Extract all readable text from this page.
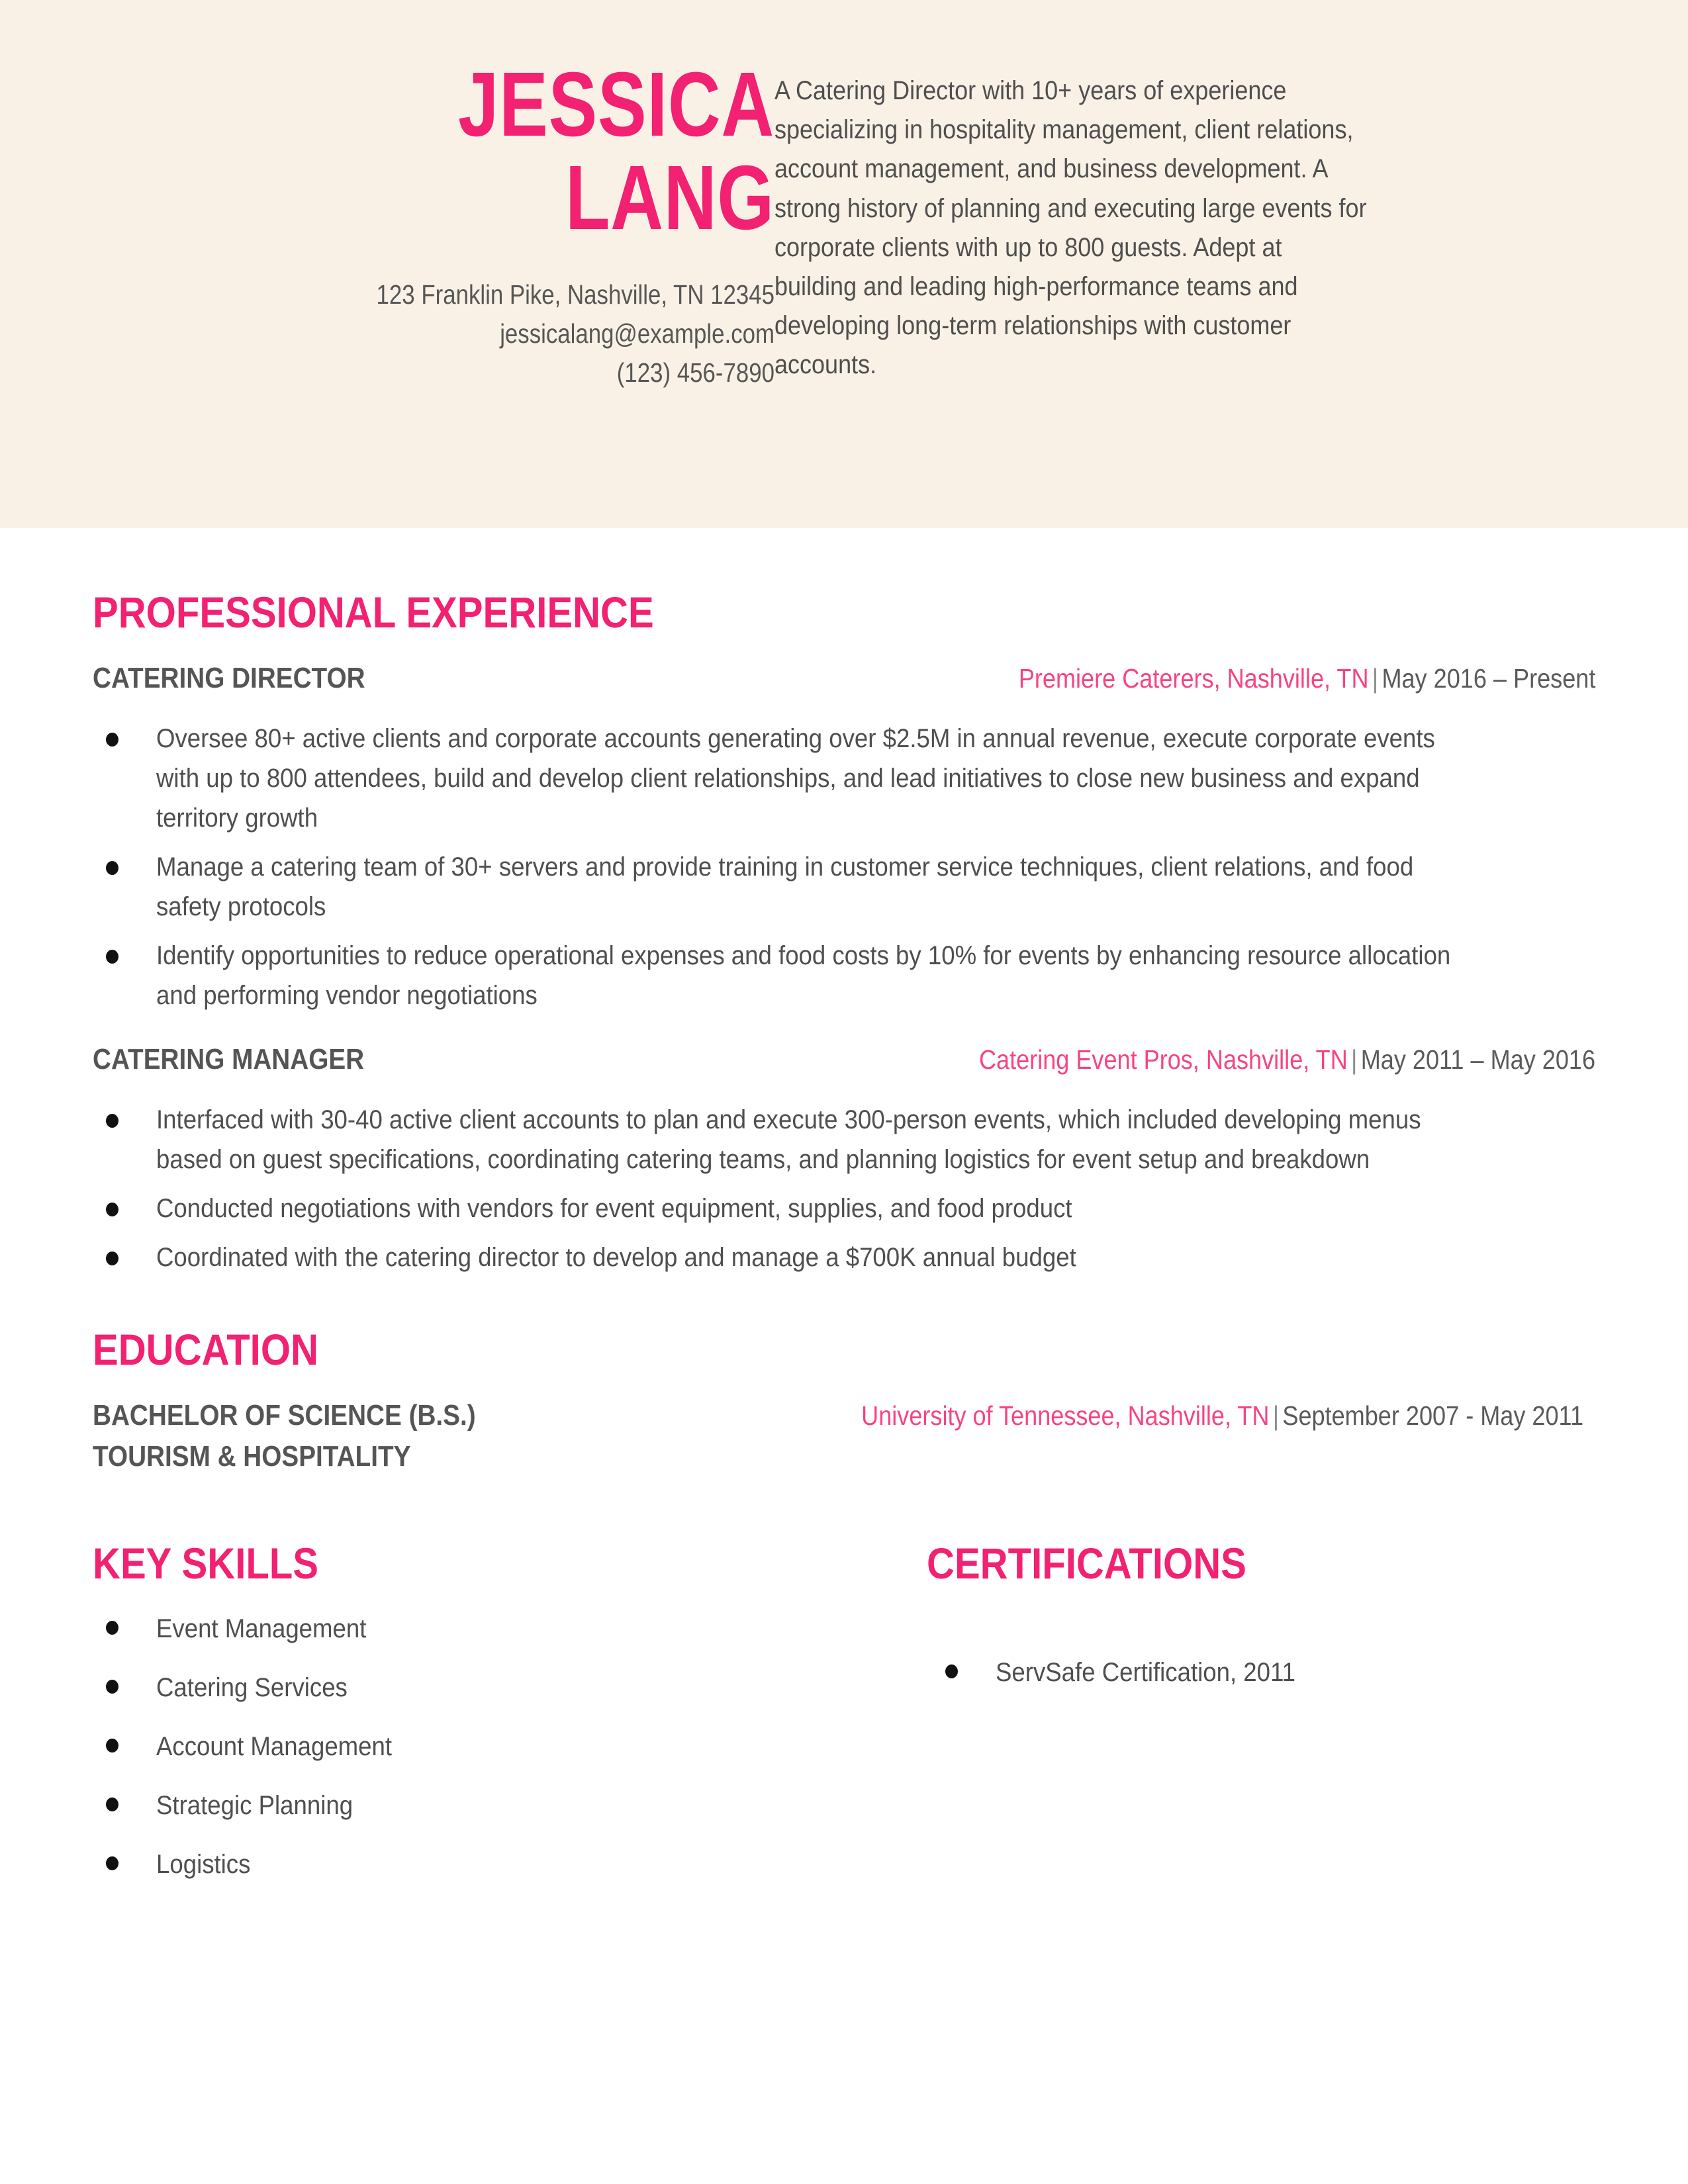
JESSICA
LANG
123 Franklin Pike, Nashville, TN 12345
jessicalang@example.com
(123) 456-7890
A Catering Director with 10+ years of experience specializing in hospitality management, client relations, account management, and business development. A strong history of planning and executing large events for corporate clients with up to 800 guests. Adept at building and leading high-performance teams and developing long-term relationships with customer accounts.
PROFESSIONAL EXPERIENCE
CATERING DIRECTOR	Premiere Caterers, Nashville, TN | May 2016 – Present
Oversee 80+ active clients and corporate accounts generating over $2.5M in annual revenue, execute corporate events with up to 800 attendees, build and develop client relationships, and lead initiatives to close new business and expand territory growth
Manage a catering team of 30+ servers and provide training in customer service techniques, client relations, and food safety protocols
Identify opportunities to reduce operational expenses and food costs by 10% for events by enhancing resource allocation and performing vendor negotiations
CATERING MANAGER	Catering Event Pros, Nashville, TN | May 2011 – May 2016
Interfaced with 30-40 active client accounts to plan and execute 300-person events, which included developing menus based on guest specifications, coordinating catering teams, and planning logistics for event setup and breakdown
Conducted negotiations with vendors for event equipment, supplies, and food product
Coordinated with the catering director to develop and manage a $700K annual budget
EDUCATION
BACHELOR OF SCIENCE (B.S.)
TOURISM & HOSPITALITY
University of Tennessee, Nashville, TN | September 2007 - May 2011
KEY SKILLS
Event Management
Catering Services
Account Management
Strategic Planning
Logistics
CERTIFICATIONS
ServSafe Certification, 2011
